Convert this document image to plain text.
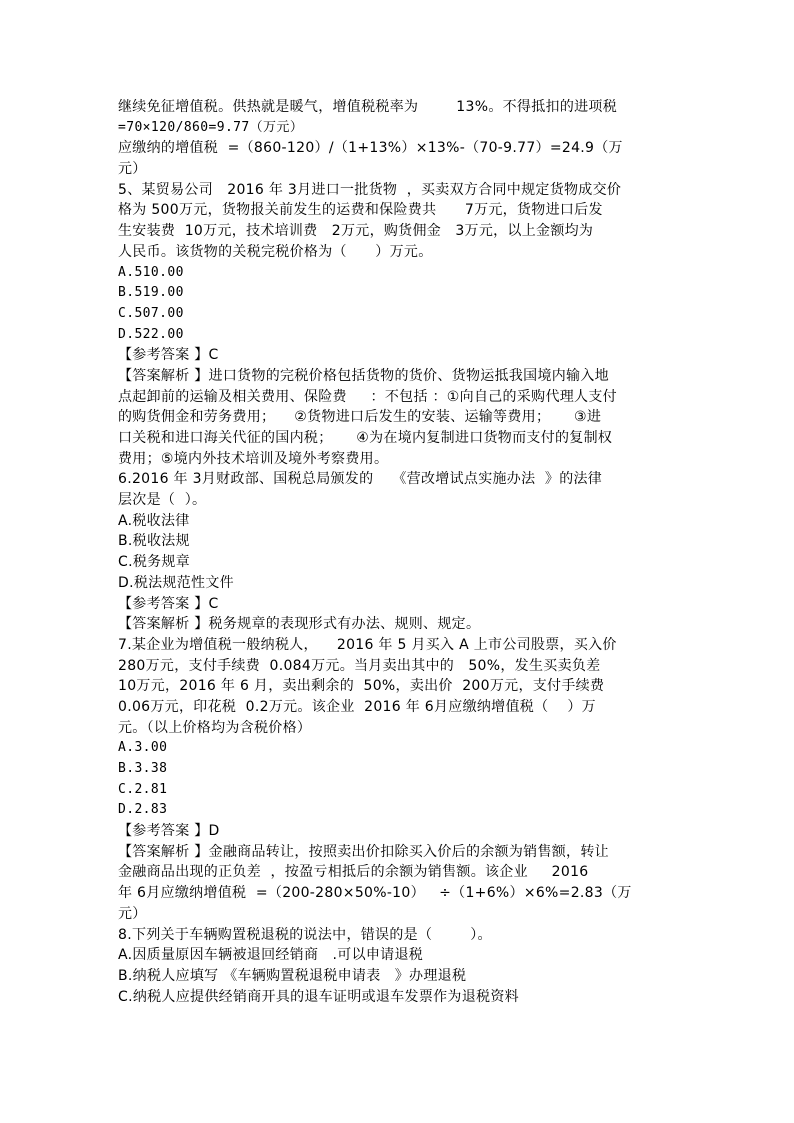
继续免征增值税。供热就是暖气，增值税税率为        13%。不得抵扣的进项税
=70×120/860=9.77（万元）
应缴纳的增值税  =（860-120）/（1+13%）×13%-（70-9.77）=24.9（万
元）
5、某贸易公司   2016 年 3月进口一批货物  ，买卖双方合同中规定货物成交价
格为 500万元，货物报关前发生的运费和保险费共      7万元，货物进口后发
生安装费  10万元，技术培训费   2万元，购货佣金   3万元，以上金额均为
人民币。该货物的关税完税价格为（      ）万元。
A.510.00
B.519.00
C.507.00
D.522.00
【参考答案 】C
【答案解析 】进口货物的完税价格包括货物的货价、货物运抵我国境内输入地
点起卸前的运输及相关费用、保险费     ：不包括 ：①向自己的采购代理人支付
的购货佣金和劳务费用；    ②货物进口后发生的安装、运输等费用；     ③进
口关税和进口海关代征的国内税；     ④为在境内复制进口货物而支付的复制权
费用；⑤境内外技术培训及境外考察费用。
6.2016 年 3月财政部、国税总局颁发的    《营改增试点实施办法  》的法律
层次是（  ）。
A.税收法律
B.税收法规
C.税务规章
D.税法规范性文件
【参考答案 】C
【答案解析 】税务规章的表现形式有办法、规则、规定。
7.某企业为增值税一般纳税人，    2016 年 5 月买入 A 上市公司股票，买入价
280万元，支付手续费  0.084万元。当月卖出其中的   50%，发生买卖负差
10万元，2016 年 6 月，卖出剩余的  50%，卖出价  200万元，支付手续费
0.06万元，印花税  0.2万元。该企业  2016 年 6月应缴纳增值税（    ）万
元。（以上价格均为含税价格）
A.3.00
B.3.38
C.2.81
D.2.83
【参考答案 】D
【答案解析 】金融商品转让，按照卖出价扣除买入价后的余额为销售额，转让
金融商品出现的正负差  ，按盈亏相抵后的余额为销售额。该企业     2016
年 6月应缴纳增值税  =（200-280×50%-10）   ÷（1+6%）×6%=2.83（万
元）
8.下列关于车辆购置税退税的说法中，错误的是（        ）。
A.因质量原因车辆被退回经销商   .可以申请退税
B.纳税人应填写 《车辆购置税退税申请表   》办理退税
C.纳税人应提供经销商开具的退车证明或退车发票作为退税资料
